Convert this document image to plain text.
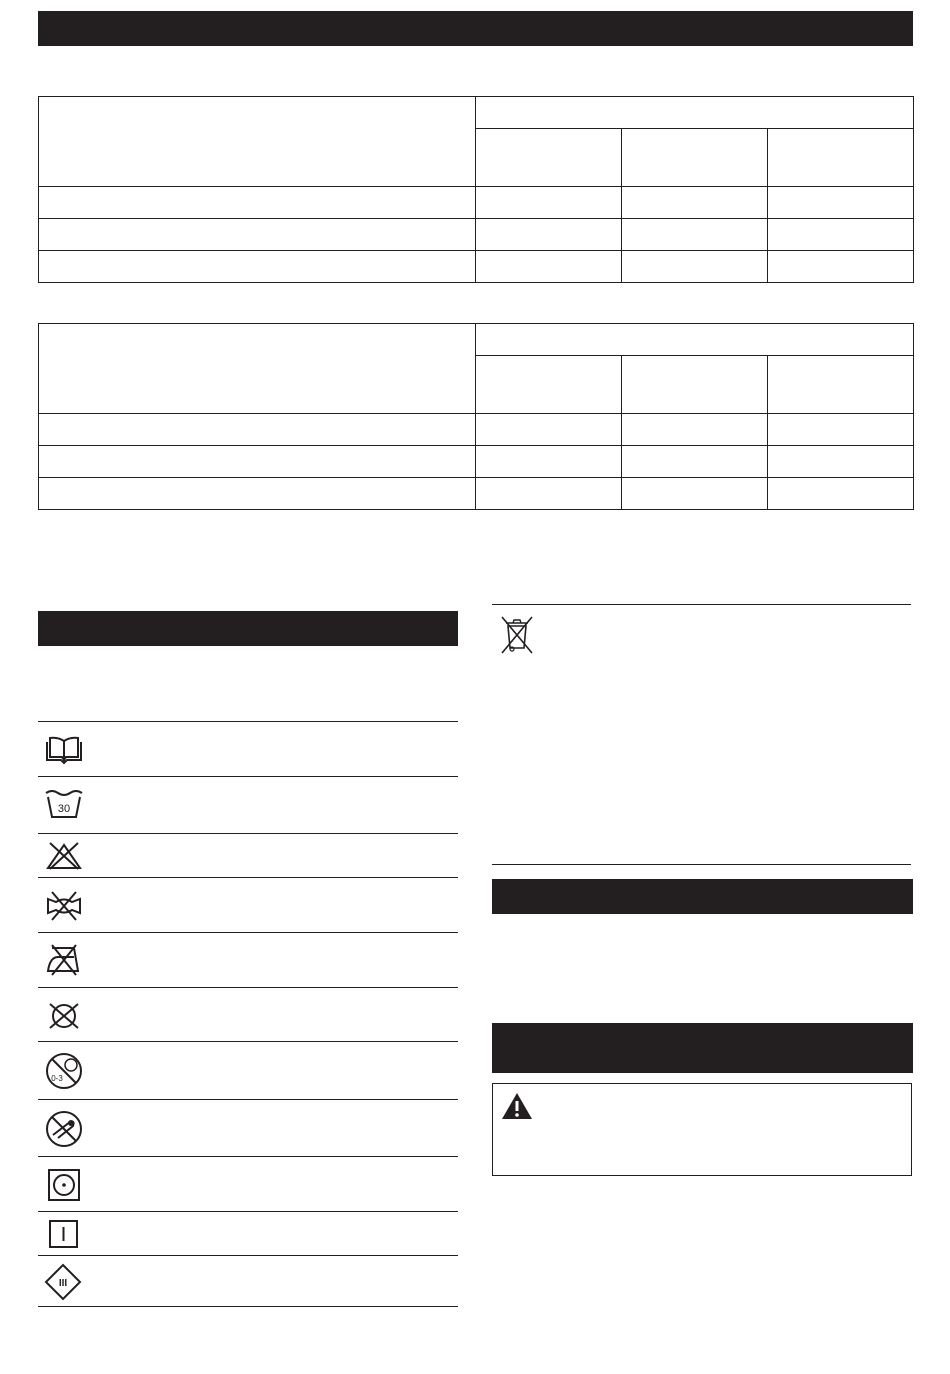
30
0-3
III
